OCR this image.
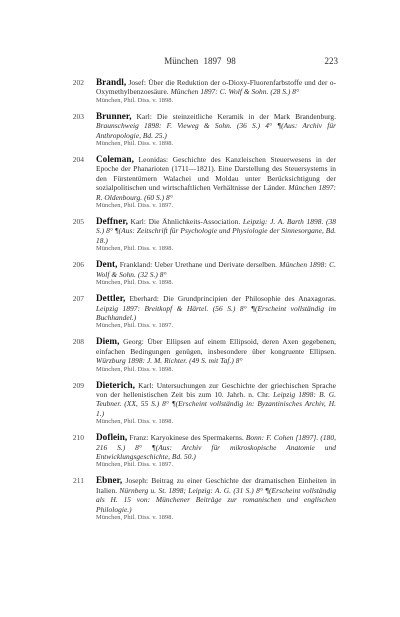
München 1897 98	223
202 Brandl, Josef: Über die Reduktion der o-Dioxy-Fluorenfarbstoffe und der o-Oxymethylbenzoesäure. München 1897: C. Wolf & Sohn. (28 S.) 8°
München, Phil. Diss. v. 1898.
203 Brunner, Karl: Die steinzeitliche Keramik in der Mark Brandenburg. Braunschweig 1898: F. Vieweg & Sohn. (36 S.) 4° ¶(Aus: Archiv für Anthropologie, Bd. 25.)
München, Phil. Diss. v. 1898.
204 Coleman, Leonidas: Geschichte des Kanzleischen Steuerwesens in der Epoche der Phanarioten (1711—1821). Eine Darstellung des Steuersystems in den Fürstentümern Walachei und Moldau unter Berücksichtigung der sozialpolitischen und wirtschaftlichen Verhältnisse der Länder. München 1897: R. Oldenbourg. (60 S.) 8°
München, Phil. Diss. v. 1897.
205 Deffner, Karl: Die Ähnlichkeits-Association. Leipzig: J. A. Barth 1898. (38 S.) 8° ¶(Aus: Zeitschrift für Psychologie und Physiologie der Sinnesorgane, Bd. 18.)
München, Phil. Diss. v. 1898.
206 Dent, Frankland: Ueber Urethane und Derivate derselben. München 1898: C. Wolf & Sohn. (32 S.) 8°
München, Phil. Diss. v. 1898.
207 Dettler, Eberhard: Die Grundprincipien der Philosophie des Anaxagoras. Leipzig 1897: Breitkopf & Härtel. (56 S.) 8° ¶(Erscheint vollständig im Buchhandel.)
München, Phil. Diss. v. 1897.
208 Diem, Georg: Über Ellipsen auf einem Ellipsoid, deren Axen gegebenen, einfachen Bedingungen genügen, insbesondere über kongruente Ellipsen. Würzburg 1898: J. M. Richter. (49 S. mit Taf.) 8°
München, Phil. Diss. v. 1898.
209 Dieterich, Karl: Untersuchungen zur Geschichte der griechischen Sprache von der hellenistischen Zeit bis zum 10. Jahrh. n. Chr. Leipzig 1898: B. G. Teubner. (XX, 55 S.) 8° ¶(Erscheint vollständig in: Byzantinisches Archiv, H. 1.)
München, Phil. Diss. v. 1898.
210 Doflein, Franz: Karyokinese des Spermakerns. Bonn: F. Cohen [1897]. (180, 216 S.) 8° ¶(Aus: Archiv für mikroskopische Anatomie und Entwicklungsgeschichte, Bd. 50.)
München, Phil. Diss. v. 1897.
211 Ebner, Joseph: Beitrag zu einer Geschichte der dramatischen Einheiten in Italien. Nürnberg u. St. 1898; Leipzig: A. G. (31 S.) 8° ¶(Erscheint vollständig als H. 15 von: Münchener Beiträge zur romanischen und englischen Philologie.)
München, Phil. Diss. v. 1898.
